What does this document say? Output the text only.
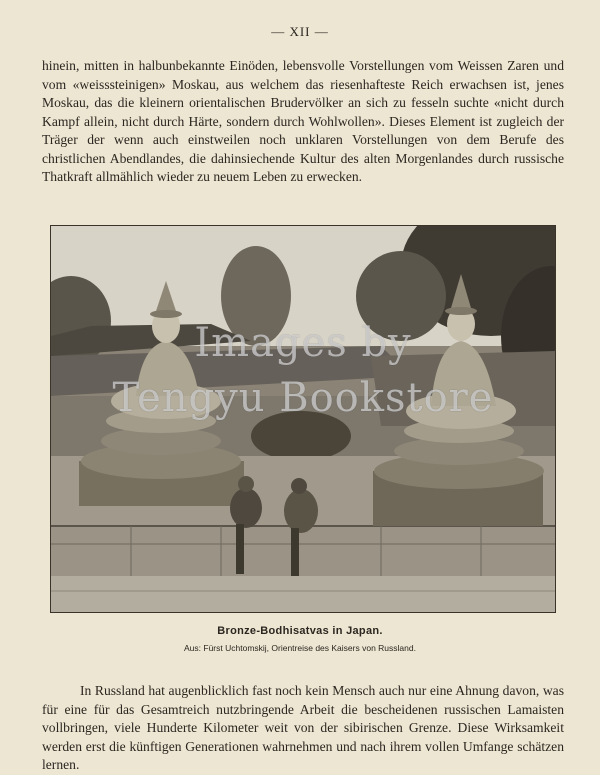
— XII —

hinein, mitten in halbunbekannte Einöden, lebensvolle Vorstellungen vom Weissen Zaren und vom «weisssteinigen» Moskau, aus welchem das riesenhafteste Reich erwachsen ist, jenes Moskau, das die kleinern orientalischen Brudervölker an sich zu fesseln suchte «nicht durch Kampf allein, nicht durch Härte, sondern durch Wohlwollen». Dieses Element ist zugleich der Träger der wenn auch einstweilen noch unklaren Vorstellungen von dem Berufe des christlichen Abendlandes, die dahinsiechende Kultur des alten Morgenlandes durch russische Thatkraft allmählich wieder zu neuem Leben zu erwecken.

Images by
Tengyu Bookstore
Bronze-Bodhisatvas in Japan.
Aus: Fürst Uchtomskij, Orientreise des Kaisers von Russland.

In Russland hat augenblicklich fast noch kein Mensch auch nur eine Ahnung davon, was für eine für das Gesamtreich nutzbringende Arbeit die bescheidenen russischen Lamaisten vollbringen, viele Hunderte Kilometer weit von der sibirischen Grenze. Diese Wirksamkeit werden erst die künftigen Generationen wahrnehmen und nach ihrem vollen Umfange schätzen lernen.
